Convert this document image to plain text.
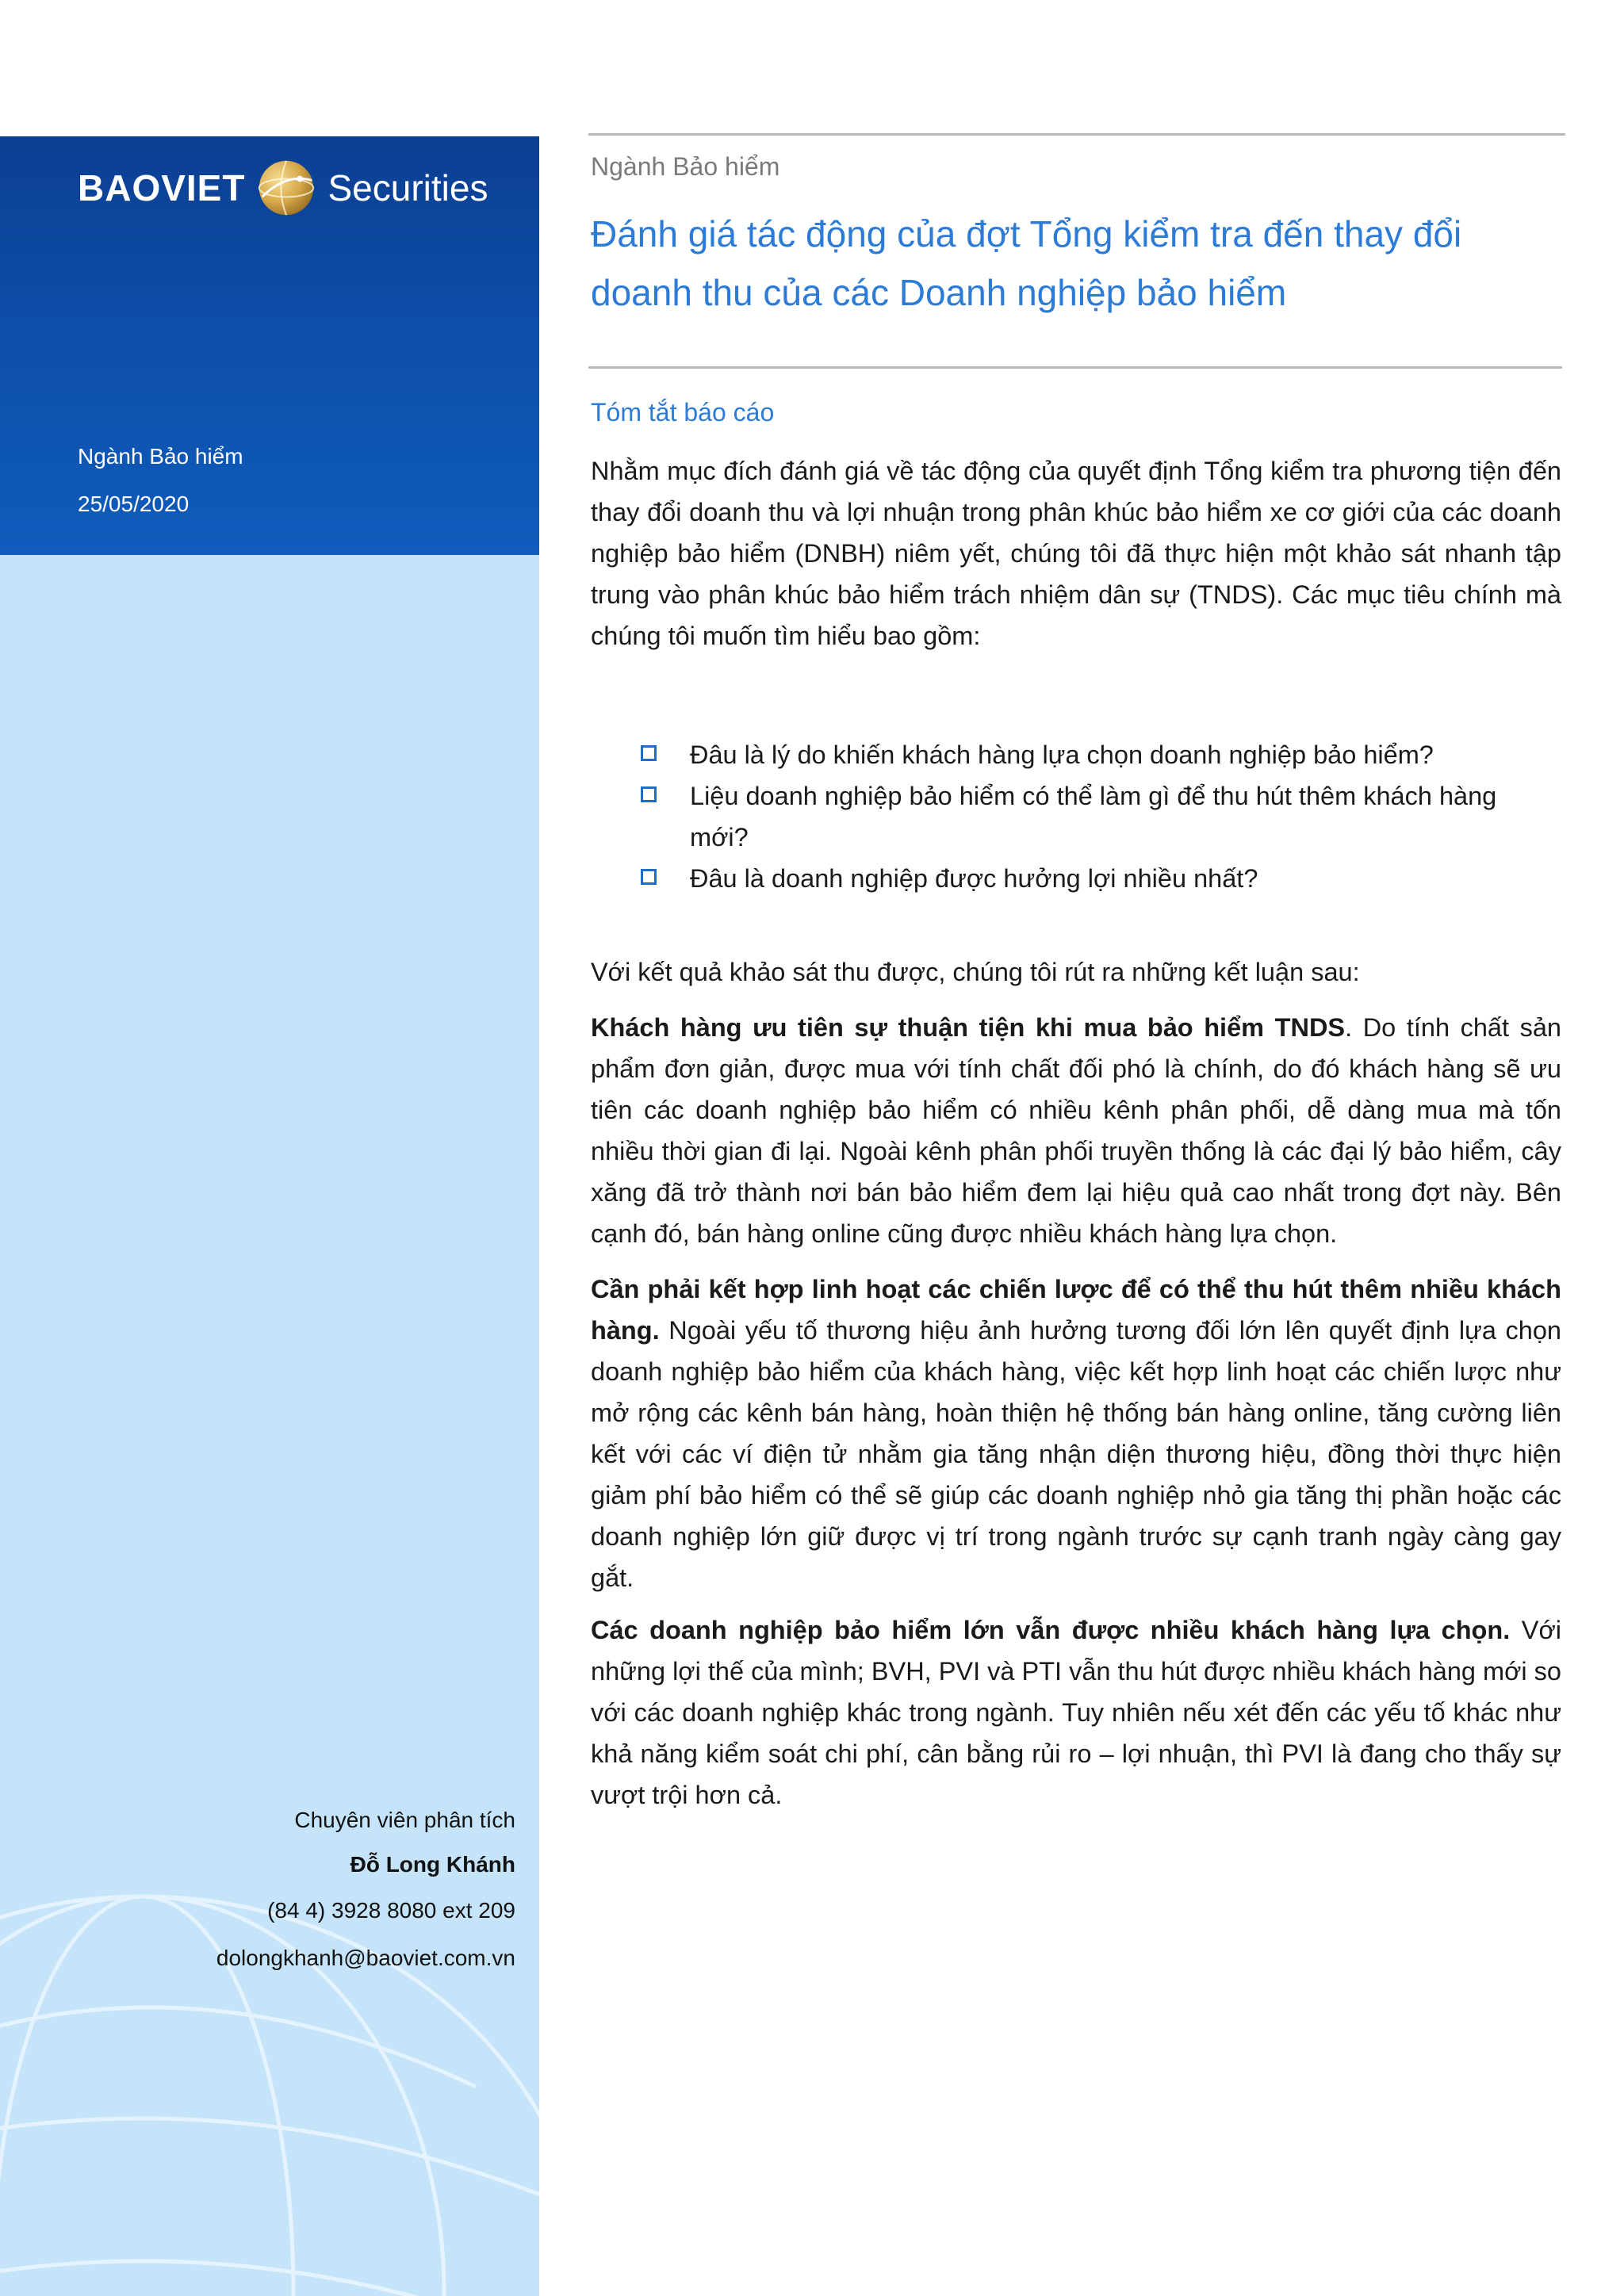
BAOVIET Securities
Ngành Bảo hiểm
25/05/2020
Chuyên viên phân tích
Đỗ Long Khánh
(84 4) 3928 8080 ext 209
dolongkhanh@baoviet.com.vn
Ngành Bảo hiểm
Đánh giá tác động của đợt Tổng kiểm tra đến thay đổi doanh thu của các Doanh nghiệp bảo hiểm
Tóm tắt báo cáo

Nhằm mục đích đánh giá về tác động của quyết định Tổng kiểm tra phương tiện đến thay đổi doanh thu và lợi nhuận trong phân khúc bảo hiểm xe cơ giới của các doanh nghiệp bảo hiểm (DNBH) niêm yết, chúng tôi đã thực hiện một khảo sát nhanh tập trung vào phân khúc bảo hiểm trách nhiệm dân sự (TNDS). Các mục tiêu chính mà chúng tôi muốn tìm hiểu bao gồm:

Đâu là lý do khiến khách hàng lựa chọn doanh nghiệp bảo hiểm?
Liệu doanh nghiệp bảo hiểm có thể làm gì để thu hút thêm khách hàng mới?
Đâu là doanh nghiệp được hưởng lợi nhiều nhất?

Với kết quả khảo sát thu được, chúng tôi rút ra những kết luận sau:

Khách hàng ưu tiên sự thuận tiện khi mua bảo hiểm TNDS. Do tính chất sản phẩm đơn giản, được mua với tính chất đối phó là chính, do đó khách hàng sẽ ưu tiên các doanh nghiệp bảo hiểm có nhiều kênh phân phối, dễ dàng mua mà tốn nhiều thời gian đi lại. Ngoài kênh phân phối truyền thống là các đại lý bảo hiểm, cây xăng đã trở thành nơi bán bảo hiểm đem lại hiệu quả cao nhất trong đợt này. Bên cạnh đó, bán hàng online cũng được nhiều khách hàng lựa chọn.

Cần phải kết hợp linh hoạt các chiến lược để có thể thu hút thêm nhiều khách hàng. Ngoài yếu tố thương hiệu ảnh hưởng tương đối lớn lên quyết định lựa chọn doanh nghiệp bảo hiểm của khách hàng, việc kết hợp linh hoạt các chiến lược như mở rộng các kênh bán hàng, hoàn thiện hệ thống bán hàng online, tăng cường liên kết với các ví điện tử nhằm gia tăng nhận diện thương hiệu, đồng thời thực hiện giảm phí bảo hiểm có thể sẽ giúp các doanh nghiệp nhỏ gia tăng thị phần hoặc các doanh nghiệp lớn giữ được vị trí trong ngành trước sự cạnh tranh ngày càng gay gắt.

Các doanh nghiệp bảo hiểm lớn vẫn được nhiều khách hàng lựa chọn. Với những lợi thế của mình; BVH, PVI và PTI vẫn thu hút được nhiều khách hàng mới so với các doanh nghiệp khác trong ngành. Tuy nhiên nếu xét đến các yếu tố khác như khả năng kiểm soát chi phí, cân bằng rủi ro – lợi nhuận, thì PVI là đang cho thấy sự vượt trội hơn cả.
